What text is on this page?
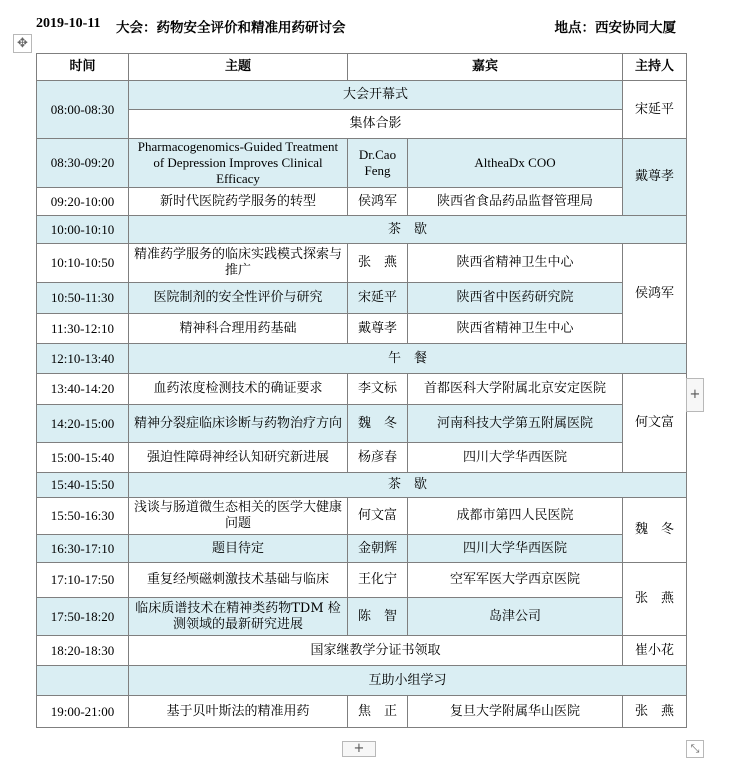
2019-10-11 大会：药物安全评价和精准用药研讨会	地点：西安协同大厦
✥
时间	主题	嘉宾		主持人
08:00-08:30	大会开幕式			宋延平
	集体合影			
08:30-09:20	Pharmacogenomics-Guided Treatment of Depression Improves Clinical Efficacy	Dr.Cao Feng	AltheaDx COO	戴尊孝
09:20-10:00	新时代医院药学服务的转型	侯鸿军	陕西省食品药品监督管理局	
10:00-10:10	茶　歇			
10:10-10:50	精准药学服务的临床实践模式探索与推广	张　燕	陕西省精神卫生中心	侯鸿军
10:50-11:30	医院制剂的安全性评价与研究	宋延平	陕西省中医药研究院	
11:30-12:10	精神科合理用药基础	戴尊孝	陕西省精神卫生中心	
12:10-13:40	午　餐			
13:40-14:20	血药浓度检测技术的确证要求	李文标	首都医科大学附属北京安定医院	何文富
14:20-15:00	精神分裂症临床诊断与药物治疗方向	魏　冬	河南科技大学第五附属医院	
15:00-15:40	强迫性障碍神经认知研究新进展	杨彦春	四川大学华西医院	
15:40-15:50	茶　歇			
15:50-16:30	浅谈与肠道微生态相关的医学大健康问题	何文富	成都市第四人民医院	魏　冬
16:30-17:10	题目待定	金朝辉	四川大学华西医院	
17:10-17:50	重复经颅磁刺激技术基础与临床	王化宁	空军军医大学西京医院	张　燕
17:50-18:20	临床质谱技术在精神类药物TDM 检测领域的最新研究进展	陈　智	岛津公司	
18:20-18:30	国家继教学分证书领取			崔小花
	互助小组学习			
19:00-21:00	基于贝叶斯法的精准用药	焦　正	复旦大学附属华山医院	张　燕
+
+	⤡
